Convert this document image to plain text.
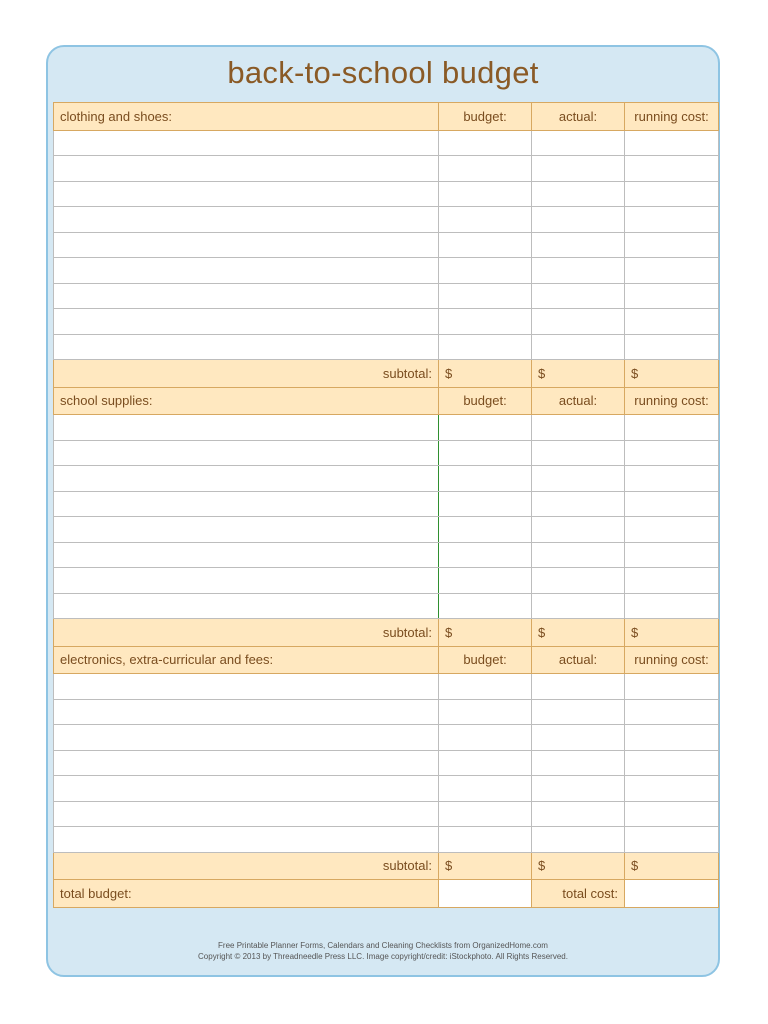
back-to-school budget
clothing and shoes:	budget:	actual:	running cost:

subtotal:	$	$	$
school supplies:	budget:	actual:	running cost:

subtotal:	$	$	$
electronics, extra-curricular and fees:	budget:	actual:	running cost:

subtotal:	$	$	$
total budget:		total cost:	
Free Printable Planner Forms, Calendars and Cleaning Checklists from OrganizedHome.com
Copyright © 2013 by Threadneedle Press LLC. Image copyright/credit: iStockphoto. All Rights Reserved.
